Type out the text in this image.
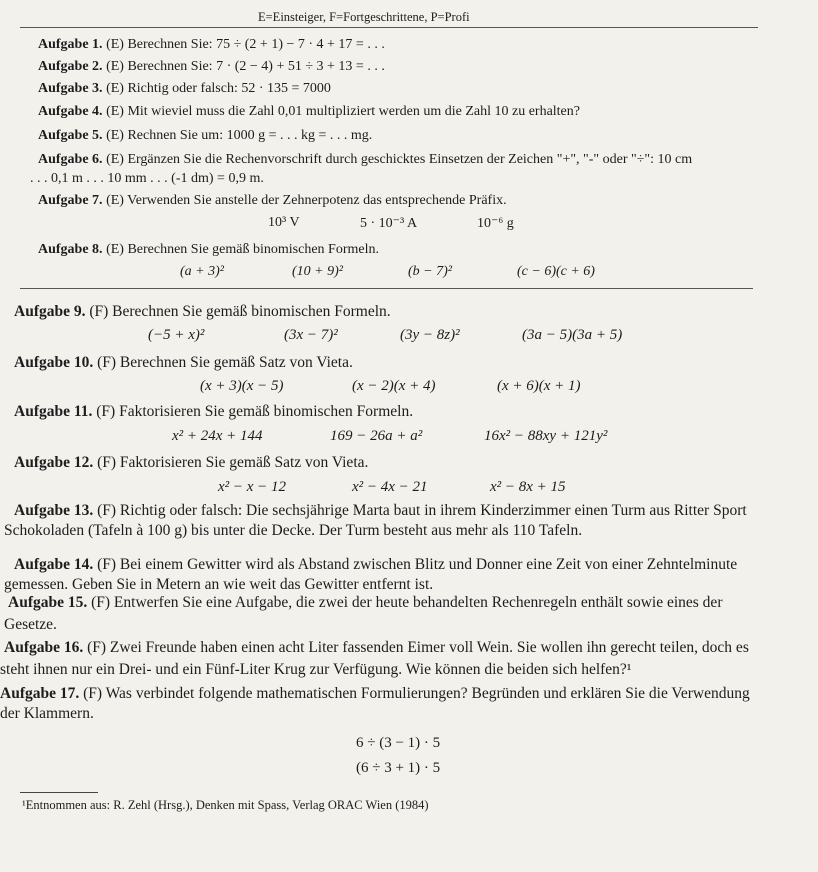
E=Einsteiger, F=Fortgeschrittene, P=Profi
Aufgabe 1. (E) Berechnen Sie: 75 ÷ (2 + 1) − 7 · 4 + 17 = . . .
Aufgabe 2. (E) Berechnen Sie: 7 · (2 − 4) + 51 ÷ 3 + 13 = . . .
Aufgabe 3. (E) Richtig oder falsch: 52 · 135 = 7000
Aufgabe 4. (E) Mit wieviel muss die Zahl 0,01 multipliziert werden um die Zahl 10 zu erhalten?
Aufgabe 5. (E) Rechnen Sie um: 1000 g = . . . kg = . . . mg.
Aufgabe 6. (E) Ergänzen Sie die Rechenvorschrift durch geschicktes Einsetzen der Zeichen "+", "-" oder "÷": 10 cm
. . . 0,1 m . . . 10 mm . . . (-1 dm) = 0,9 m.
Aufgabe 7. (E) Verwenden Sie anstelle der Zehnerpotenz das entsprechende Präfix.
10³ V	5 · 10⁻³ A	10⁻⁶ g
Aufgabe 8. (E) Berechnen Sie gemäß binomischen Formeln.
(a + 3)²	(10 + 9)²	(b − 7)²	(c − 6)(c + 6)
Aufgabe 9. (F) Berechnen Sie gemäß binomischen Formeln.
(−5 + x)²	(3x − 7)²	(3y − 8z)²	(3a − 5)(3a + 5)
Aufgabe 10. (F) Berechnen Sie gemäß Satz von Vieta.
(x + 3)(x − 5)	(x − 2)(x + 4)	(x + 6)(x + 1)
Aufgabe 11. (F) Faktorisieren Sie gemäß binomischen Formeln.
x² + 24x + 144	169 − 26a + a²	16x² − 88xy + 121y²
Aufgabe 12. (F) Faktorisieren Sie gemäß Satz von Vieta.
x² − x − 12	x² − 4x − 21	x² − 8x + 15
Aufgabe 13. (F) Richtig oder falsch: Die sechsjährige Marta baut in ihrem Kinderzimmer einen Turm aus Ritter Sport
Schokoladen (Tafeln à 100 g) bis unter die Decke. Der Turm besteht aus mehr als 110 Tafeln.
Aufgabe 14. (F) Bei einem Gewitter wird als Abstand zwischen Blitz und Donner eine Zeit von einer Zehntelminute
gemessen. Geben Sie in Metern an wie weit das Gewitter entfernt ist.
Aufgabe 15. (F) Entwerfen Sie eine Aufgabe, die zwei der heute behandelten Rechenregeln enthält sowie eines der
Gesetze.
Aufgabe 16. (F) Zwei Freunde haben einen acht Liter fassenden Eimer voll Wein. Sie wollen ihn gerecht teilen, doch es
steht ihnen nur ein Drei- und ein Fünf-Liter Krug zur Verfügung. Wie können die beiden sich helfen?¹
Aufgabe 17. (F) Was verbindet folgende mathematischen Formulierungen? Begründen und erklären Sie die Verwendung
der Klammern.
6 ÷ (3 − 1) · 5
(6 ÷ 3 + 1) · 5
¹Entnommen aus: R. Zehl (Hrsg.), Denken mit Spass, Verlag ORAC Wien (1984)
